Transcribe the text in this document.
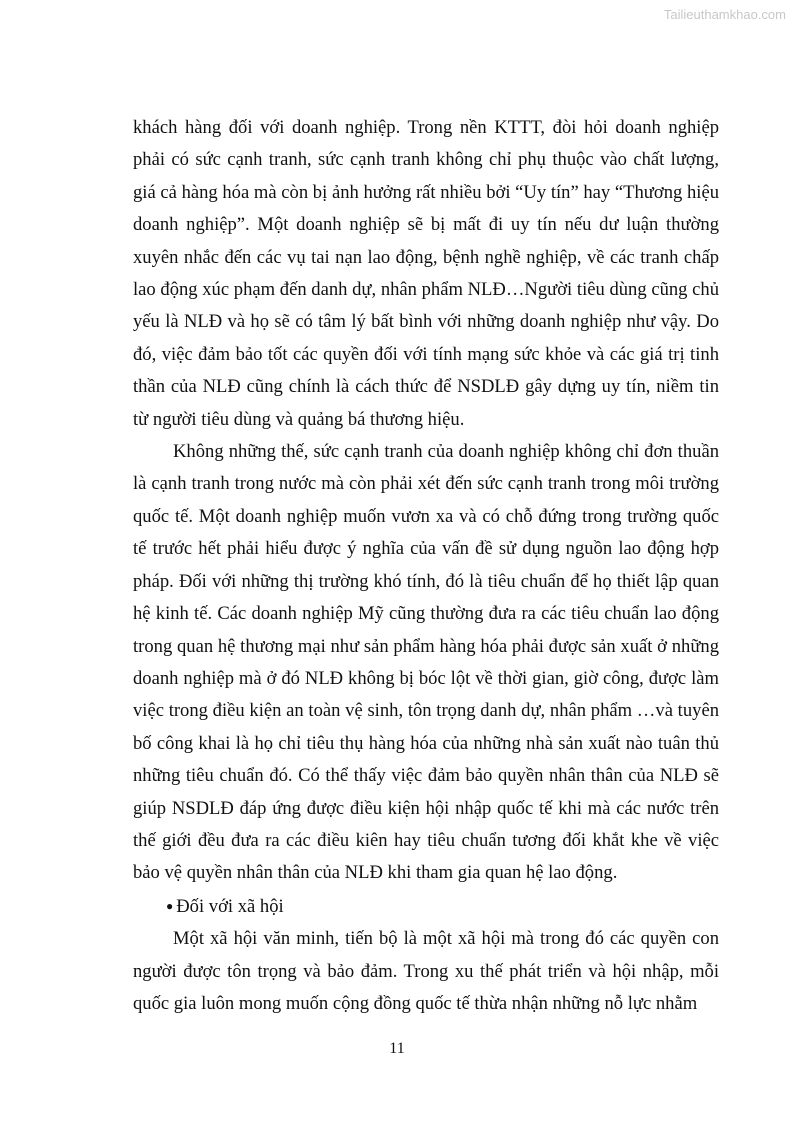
Tailieuthamkhao.com

khách hàng đối với doanh nghiệp. Trong nền KTTT, đòi hỏi doanh nghiệp phải có sức cạnh tranh, sức cạnh tranh không chỉ phụ thuộc vào chất lượng, giá cả hàng hóa mà còn bị ảnh hưởng rất nhiều bởi “Uy tín” hay “Thương hiệu doanh nghiệp”. Một doanh nghiệp sẽ bị mất đi uy tín nếu dư luận thường xuyên nhắc đến các vụ tai nạn lao động, bệnh nghề nghiệp, về các tranh chấp lao động xúc phạm đến danh dự, nhân phẩm NLĐ…Người tiêu dùng cũng chủ yếu là NLĐ và họ sẽ có tâm lý bất bình với những doanh nghiệp như vậy. Do đó, việc đảm bảo tốt các quyền đối với tính mạng sức khỏe và các giá trị tinh thần của NLĐ cũng chính là cách thức để NSDLĐ gây dựng uy tín, niềm tin từ người tiêu dùng và quảng bá thương hiệu.

Không những thế, sức cạnh tranh của doanh nghiệp không chỉ đơn thuần là cạnh tranh trong nước mà còn phải xét đến sức cạnh tranh trong môi trường quốc tế. Một doanh nghiệp muốn vươn xa và có chỗ đứng trong trường quốc tế trước hết phải hiểu được ý nghĩa của vấn đề sử dụng nguồn lao động hợp pháp. Đối với những thị trường khó tính, đó là tiêu chuẩn để họ thiết lập quan hệ kinh tế. Các doanh nghiệp Mỹ cũng thường đưa ra các tiêu chuẩn lao động trong quan hệ thương mại như sản phẩm hàng hóa phải được sản xuất ở những doanh nghiệp mà ở đó NLĐ không bị bóc lột về thời gian, giờ công, được làm việc trong điều kiện an toàn vệ sinh, tôn trọng danh dự, nhân phẩm …và tuyên bố công khai là họ chỉ tiêu thụ hàng hóa của những nhà sản xuất nào tuân thủ những tiêu chuẩn đó. Có thể thấy việc đảm bảo quyền nhân thân của NLĐ sẽ giúp NSDLĐ đáp ứng được điều kiện hội nhập quốc tế khi mà các nước trên thế giới đều đưa ra các điều kiên hay tiêu chuẩn tương đối khắt khe về việc bảo vệ quyền nhân thân của NLĐ khi tham gia quan hệ lao động.

● Đối với xã hội

Một xã hội văn minh, tiến bộ là một xã hội mà trong đó các quyền con người được tôn trọng và bảo đảm. Trong xu thế phát triển và hội nhập, mỗi quốc gia luôn mong muốn cộng đồng quốc tế thừa nhận những nỗ lực nhằm

11
